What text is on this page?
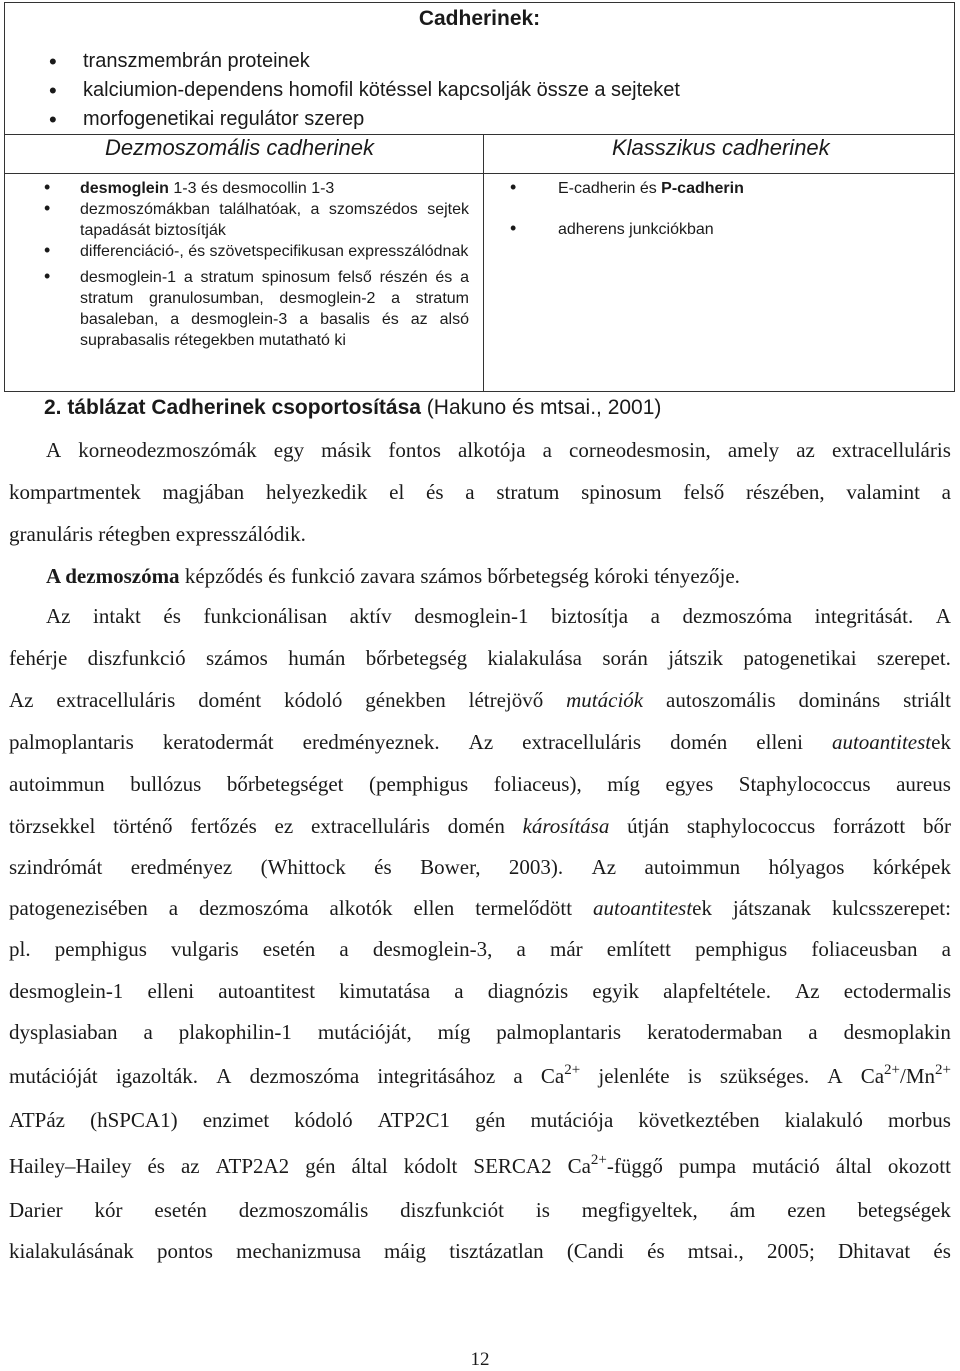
Cadherinek:
• transzmembrán proteinek
• kalciumion-dependens homofil kötéssel kapcsolják össze a sejteket
• morfogenetikai regulátor szerep
Dezmoszomális cadherinek	Klasszikus cadherinek
• desmoglein 1-3 és desmocollin 1-3
• dezmoszómákban találhatóak, a szomszédos sejtek tapadását biztosítják
• differenciáció-, és szövetspecifikusan expresszálódnak
• desmoglein-1 a stratum spinosum felső részén és a stratum granulosumban, desmoglein-2 a stratum basaleban, a desmoglein-3 a basalis és az alsó suprabasalis rétegekben mutatható ki
• E-cadherin és P-cadherin
• adherens junkciókban
2. táblázat Cadherinek csoportosítása (Hakuno és mtsai., 2001)
A korneodezmoszómák egy másik fontos alkotója a corneodesmosin, amely az extracelluláris
kompartmentek magjában helyezkedik el és a stratum spinosum felső részében, valamint a
granuláris rétegben expresszálódik.
A dezmoszóma képződés és funkció zavara számos bőrbetegség kóroki tényezője.
Az intakt és funkcionálisan aktív desmoglein-1 biztosítja a dezmoszóma integritását. A
fehérje diszfunkció számos humán bőrbetegség kialakulása során játszik patogenetikai szerepet.
Az extracelluláris domént kódoló génekben létrejövő mutációk autoszomális domináns striált
palmoplantaris keratodermát eredményeznek. Az extracelluláris domén elleni autoantitestek
autoimmun bullózus bőrbetegséget (pemphigus foliaceus), míg egyes Staphylococcus aureus
törzsekkel történő fertőzés ez extracelluláris domén károsítása útján staphylococcus forrázott bőr
szindrómát eredményez (Whittock és Bower, 2003). Az autoimmun hólyagos kórképek
patogenezisében a dezmoszóma alkotók ellen termelődött autoantitestek játszanak kulcsszerepet:
pl. pemphigus vulgaris esetén a desmoglein-3, a már említett pemphigus foliaceusban a
desmoglein-1 elleni autoantitest kimutatása a diagnózis egyik alapfeltétele. Az ectodermalis
dysplasiaban a plakophilin-1 mutációját, míg palmoplantaris keratodermaban a desmoplakin
mutációját igazolták. A dezmoszóma integritásához a $Ca^{2+}$ jelenléte is szükséges. A $Ca^{2+}/Mn^{2+}$
ATPáz (hSPCA1) enzimet kódoló ATP2C1 gén mutációja következtében kialakuló morbus
Hailey–Hailey és az ATP2A2 gén által kódolt SERCA2 $Ca^{2+}$-függő pumpa mutáció által okozott
Darier kór esetén dezmoszomális diszfunkciót is megfigyeltek, ám ezen betegségek
kialakulásának pontos mechanizmusa máig tisztázatlan (Candi és mtsai., 2005; Dhitavat és
12
